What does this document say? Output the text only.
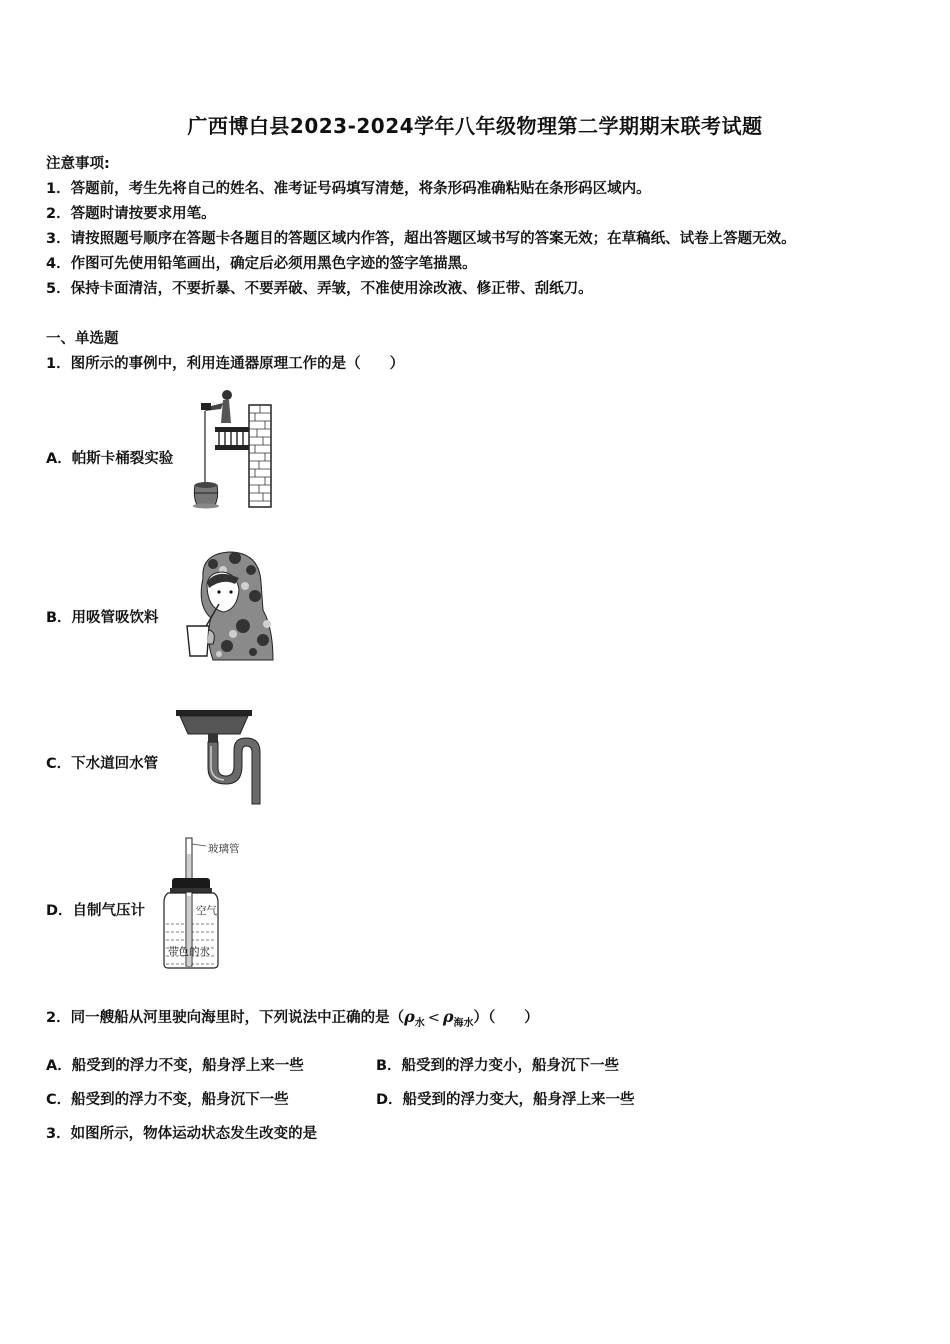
广西博白县2023-2024学年八年级物理第二学期期末联考试题
注意事项:
1．答题前，考生先将自己的姓名、准考证号码填写清楚，将条形码准确粘贴在条形码区域内。
2．答题时请按要求用笔。
3．请按照题号顺序在答题卡各题目的答题区域内作答，超出答题区域书写的答案无效；在草稿纸、试卷上答题无效。
4．作图可先使用铅笔画出，确定后必须用黑色字迹的签字笔描黑。
5．保持卡面清洁，不要折暴、不要弄破、弄皱，不准使用涂改液、修正带、刮纸刀。
一、单选题
1．图所示的事例中，利用连通器原理工作的是（　　）
A．帕斯卡桶裂实验
B．用吸管吸饮料
C．下水道回水管
D．自制气压计
玻璃管
空气
带色的水
2．同一艘船从河里驶向海里时，下列说法中正确的是$(\rho_水 < \rho_{海水})$（　　）
A．船受到的浮力不变，船身浮上来一些	B．船受到的浮力变小，船身沉下一些
C．船受到的浮力不变，船身沉下一些	D．船受到的浮力变大，船身浮上来一些
3．如图所示，物体运动状态发生改变的是
